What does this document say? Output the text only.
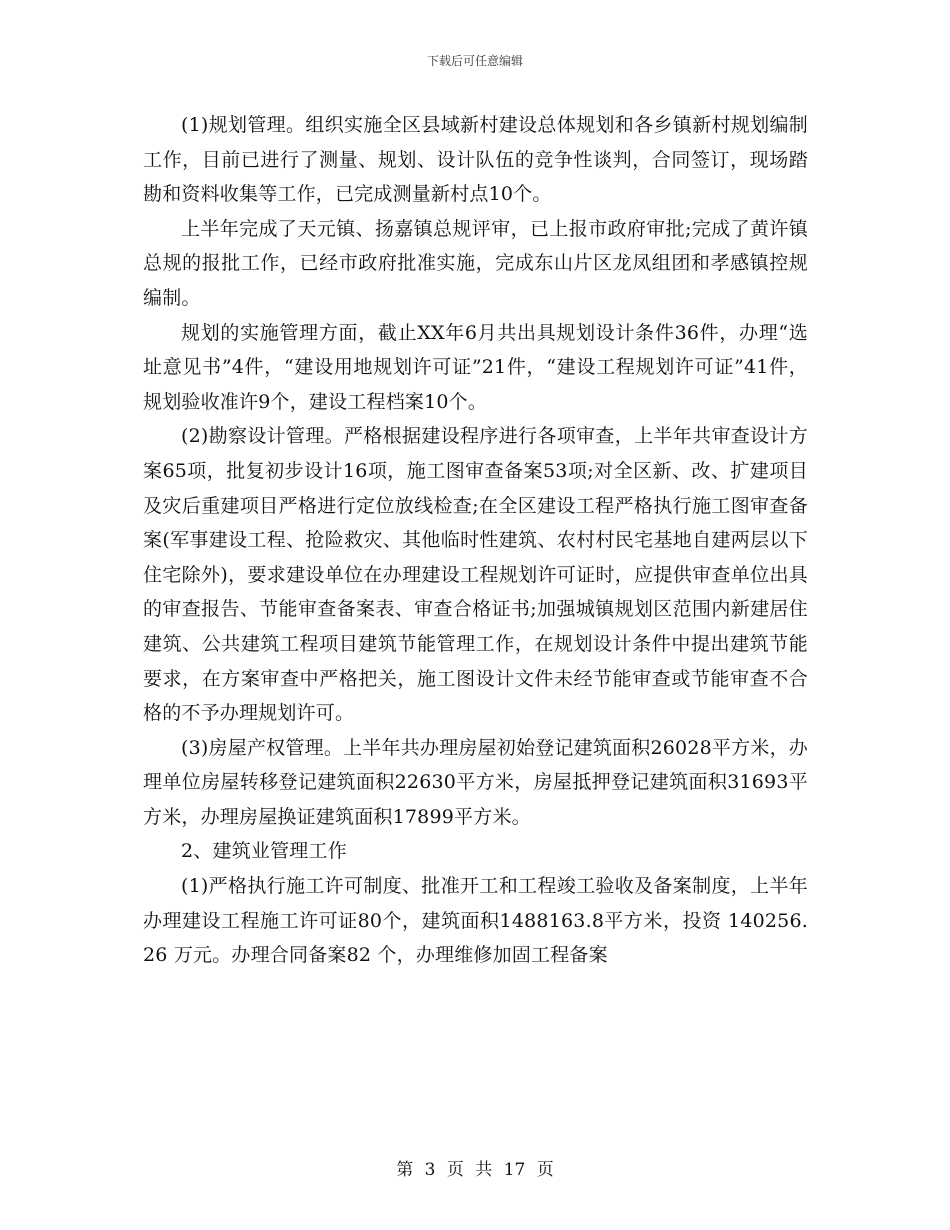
下载后可任意编辑

(1)规划管理。组织实施全区县域新村建设总体规划和各乡镇新村规划编制工作，目前已进行了测量、规划、设计队伍的竞争性谈判，合同签订，现场踏勘和资料收集等工作，已完成测量新村点10个。

上半年完成了天元镇、扬嘉镇总规评审，已上报市政府审批;完成了黄许镇总规的报批工作，已经市政府批准实施，完成东山片区龙凤组团和孝感镇控规编制。

规划的实施管理方面，截止XX年6月共出具规划设计条件36件，办理“选址意见书”4件，“建设用地规划许可证”21件，“建设工程规划许可证”41件，规划验收准许9个，建设工程档案10个。

(2)勘察设计管理。严格根据建设程序进行各项审查，上半年共审查设计方案65项，批复初步设计16项，施工图审查备案53项;对全区新、改、扩建项目及灾后重建项目严格进行定位放线检查;在全区建设工程严格执行施工图审查备案(军事建设工程、抢险救灾、其他临时性建筑、农村村民宅基地自建两层以下住宅除外)，要求建设单位在办理建设工程规划许可证时，应提供审查单位出具的审查报告、节能审查备案表、审查合格证书;加强城镇规划区范围内新建居住建筑、公共建筑工程项目建筑节能管理工作，在规划设计条件中提出建筑节能要求，在方案审查中严格把关，施工图设计文件未经节能审查或节能审查不合格的不予办理规划许可。

(3)房屋产权管理。上半年共办理房屋初始登记建筑面积26028平方米，办理单位房屋转移登记建筑面积22630平方米，房屋抵押登记建筑面积31693平方米，办理房屋换证建筑面积17899平方米。

2、建筑业管理工作

(1)严格执行施工许可制度、批准开工和工程竣工验收及备案制度，上半年办理建设工程施工许可证80个，建筑面积1488163.8平方米，投资 140256.26 万元。办理合同备案82 个，办理维修加固工程备案

第 3 页 共 17 页
